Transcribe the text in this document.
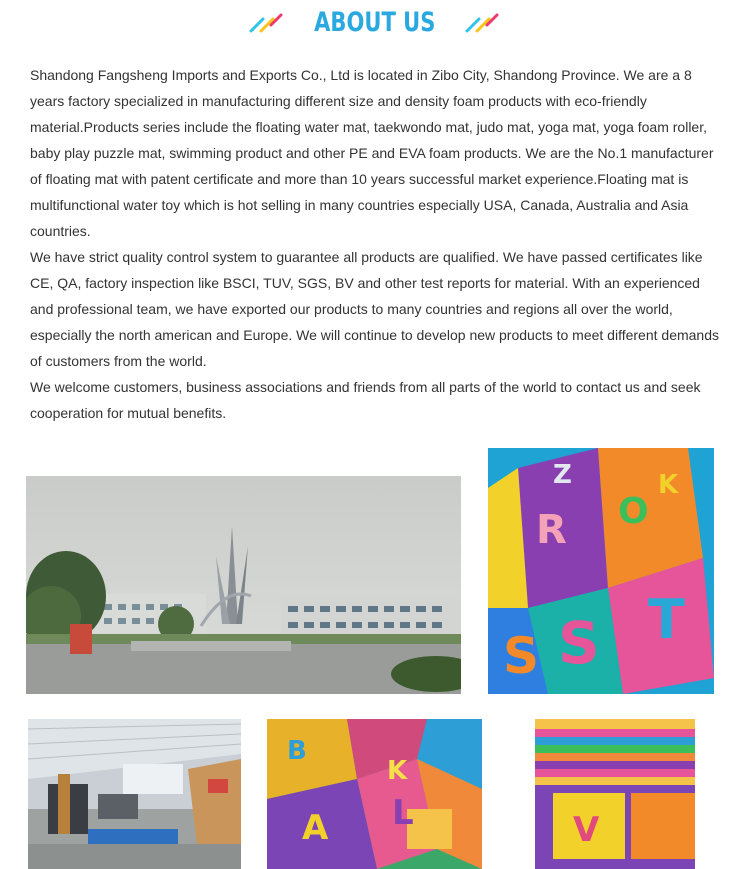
ABOUT US

Shandong Fangsheng Imports and Exports Co., Ltd is located in Zibo City, Shandong Province. We are a 8 years factory specialized in manufacturing different size and density foam products with eco-friendly material.Products series include the floating water mat, taekwondo mat, judo mat, yoga mat, yoga foam roller, baby play puzzle mat, swimming product and other PE and EVA foam products. We are the No.1 manufacturer of floating mat with patent certificate and more than 10 years successful market experience.Floating mat is multifunctional water toy which is hot selling in many countries especially USA, Canada, Australia and Asia countries.

We have strict quality control system to guarantee all products are qualified. We have passed certificates like CE, QA, factory inspection like BSCI, TUV, SGS, BV and other test reports for material. With an experienced and professional team, we have exported our products to many countries and regions all over the world, especially the north american and Europe. We will continue to develop new products to meet different demands of customers from the world.

We welcome customers, business associations and friends from all parts of the world to contact us and seek cooperation for mutual benefits.

Z
R
T
S
S
O
K
K
L
A
B
V
